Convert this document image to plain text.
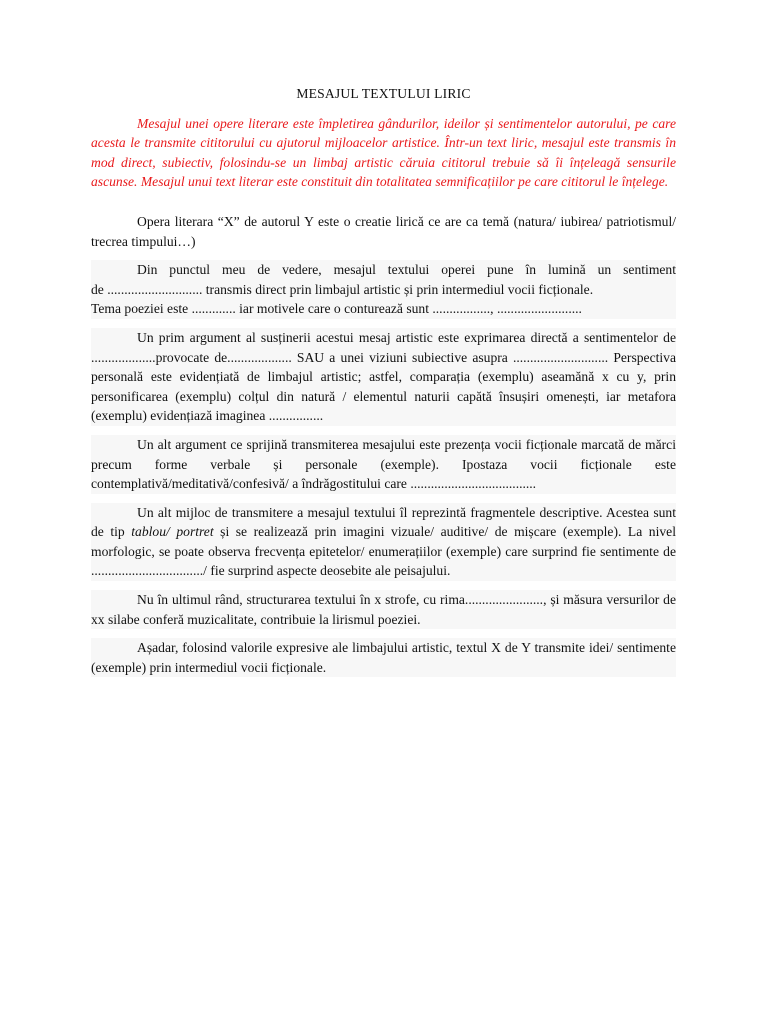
MESAJUL TEXTULUI LIRIC

Mesajul unei opere literare este împletirea gândurilor, ideilor și sentimentelor autorului, pe care acesta le transmite cititorului cu ajutorul mijloacelor artistice. Într-un text liric, mesajul este transmis în mod direct, subiectiv, folosindu-se un limbaj artistic căruia cititorul trebuie să îi înțeleagă sensurile ascunse. Mesajul unui text literar este constituit din totalitatea semnificațiilor pe care cititorul le înțelege.

Opera literara “X” de autorul Y este o creatie lirică ce are ca temă (natura/ iubirea/ patriotismul/ trecrea timpului…)

Din punctul meu de vedere, mesajul textului operei pune în lumină un sentiment
de ............................ transmis direct prin limbajul artistic și prin intermediul vocii ficționale.
Tema poeziei este ............. iar motivele care o conturează sunt ................., .........................

Un prim argument al susținerii acestui mesaj artistic este exprimarea directă a sentimentelor de ...................provocate de................... SAU a unei viziuni subiective asupra ............................ Perspectiva personală este evidențiată de limbajul artistic; astfel, comparația (exemplu) aseamănă x cu y, prin personificarea (exemplu) colțul din natură / elementul naturii capătă însușiri omenești, iar metafora (exemplu) evidențiază imaginea ................

Un alt argument ce sprijină transmiterea mesajului este prezența vocii ficționale marcată de mărci precum forme verbale și personale (exemple). Ipostaza vocii ficționale este contemplativă/meditativă/confesivă/ a îndrăgostitului care .....................................

Un alt mijloc de transmitere a mesajul textului îl reprezintă fragmentele descriptive. Acestea sunt de tip tablou/ portret și se realizează prin imagini vizuale/ auditive/ de mișcare (exemple). La nivel morfologic, se poate observa frecvența epitetelor/ enumerațiilor (exemple) care surprind fie sentimente de ................................./ fie surprind aspecte deosebite ale peisajului.

Nu în ultimul rând, structurarea textului în x strofe, cu rima......................., și măsura versurilor de xx silabe conferă muzicalitate, contribuie la lirismul poeziei.

Așadar, folosind valorile expresive ale limbajului artistic, textul X de Y transmite idei/ sentimente (exemple) prin intermediul vocii ficționale.
